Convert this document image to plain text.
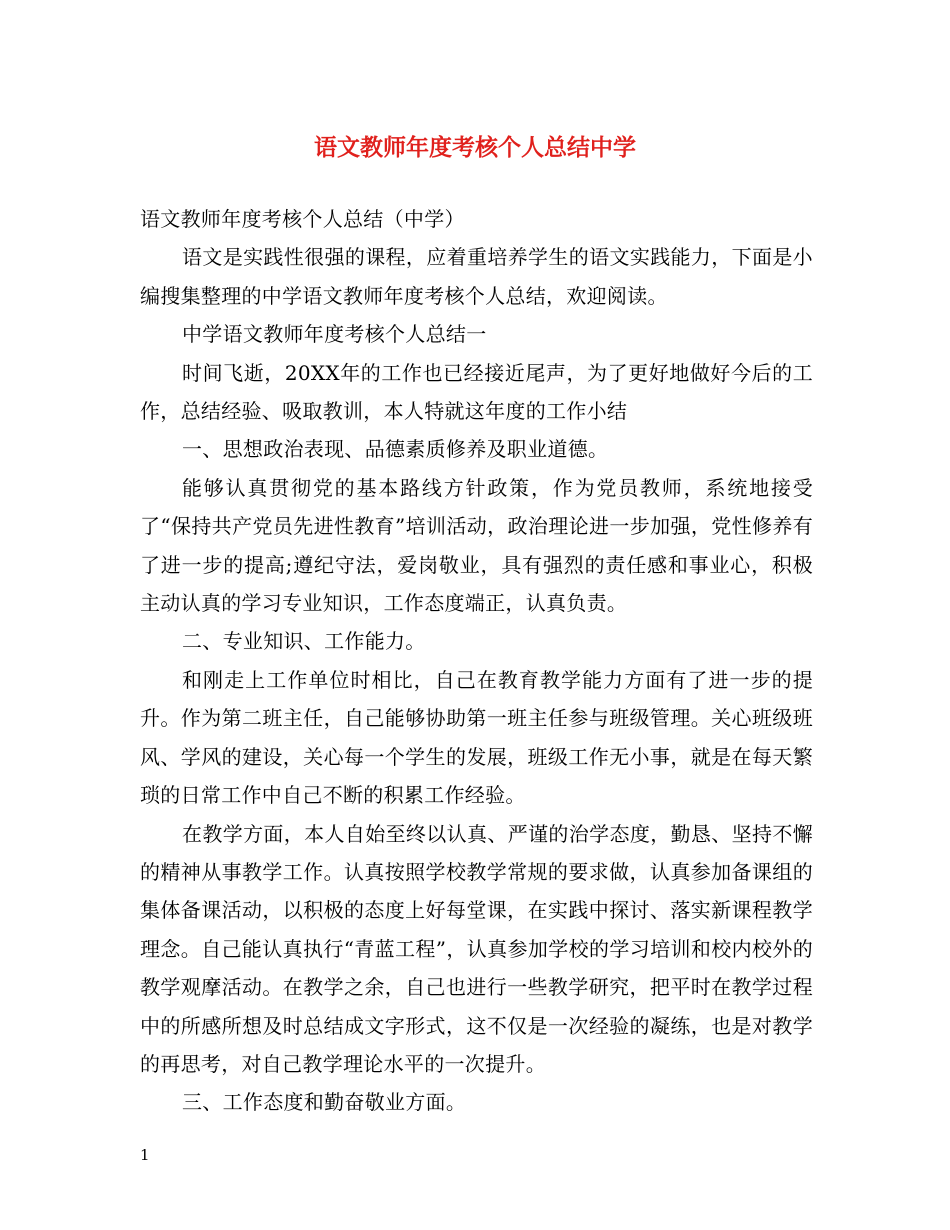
语文教师年度考核个人总结中学

语文教师年度考核个人总结（中学）

语文是实践性很强的课程，应着重培养学生的语文实践能力，下面是小编搜集整理的中学语文教师年度考核个人总结，欢迎阅读。

中学语文教师年度考核个人总结一

时间飞逝，20XX年的工作也已经接近尾声，为了更好地做好今后的工作，总结经验、吸取教训，本人特就这年度的工作小结

一、思想政治表现、品德素质修养及职业道德。

能够认真贯彻党的基本路线方针政策，作为党员教师，系统地接受了“保持共产党员先进性教育”培训活动，政治理论进一步加强，党性修养有了进一步的提高;遵纪守法，爱岗敬业，具有强烈的责任感和事业心，积极主动认真的学习专业知识，工作态度端正，认真负责。

二、专业知识、工作能力。

和刚走上工作单位时相比，自己在教育教学能力方面有了进一步的提升。作为第二班主任，自己能够协助第一班主任参与班级管理。关心班级班风、学风的建设，关心每一个学生的发展，班级工作无小事，就是在每天繁琐的日常工作中自己不断的积累工作经验。

在教学方面，本人自始至终以认真、严谨的治学态度，勤恳、坚持不懈的精神从事教学工作。认真按照学校教学常规的要求做，认真参加备课组的集体备课活动，以积极的态度上好每堂课，在实践中探讨、落实新课程教学理念。自己能认真执行“青蓝工程”，认真参加学校的学习培训和校内校外的教学观摩活动。在教学之余，自己也进行一些教学研究，把平时在教学过程中的所感所想及时总结成文字形式，这不仅是一次经验的凝练，也是对教学的再思考，对自己教学理论水平的一次提升。

三、工作态度和勤奋敬业方面。

1
